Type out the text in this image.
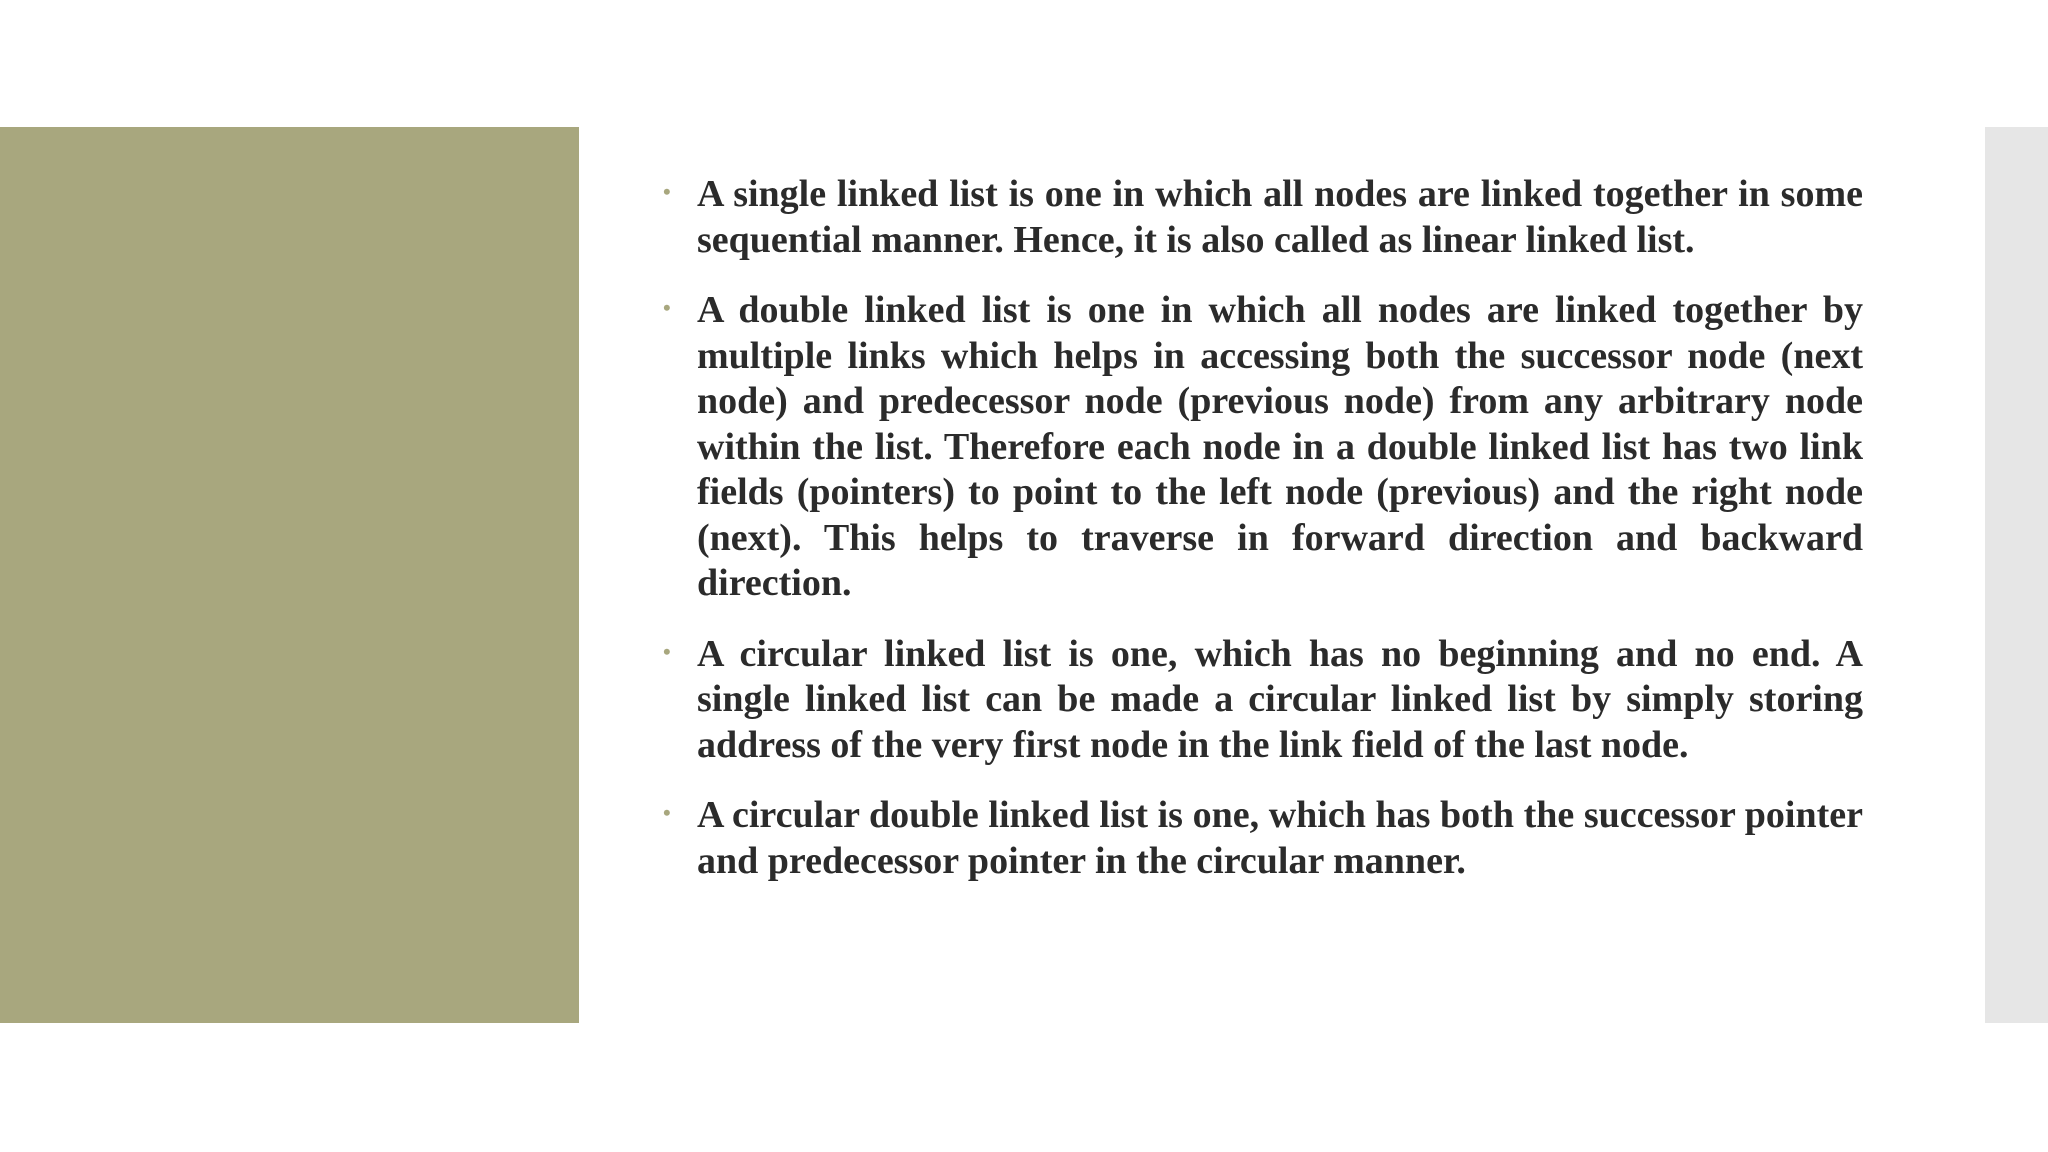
• A single linked list is one in which all nodes are linked together in some sequential manner. Hence, it is also called as linear linked list.
• A double linked list is one in which all nodes are linked together by multiple links which helps in accessing both the successor node (next node) and predecessor node (previous node) from any arbitrary node within the list. Therefore each node in a double linked list has two link fields (pointers) to point to the left node (previous) and the right node (next). This helps to traverse in forward direction and backward direction.
• A circular linked list is one, which has no beginning and no end. A single linked list can be made a circular linked list by simply storing address of the very first node in the link field of the last node.
• A circular double linked list is one, which has both the successor pointer and predecessor pointer in the circular manner.
